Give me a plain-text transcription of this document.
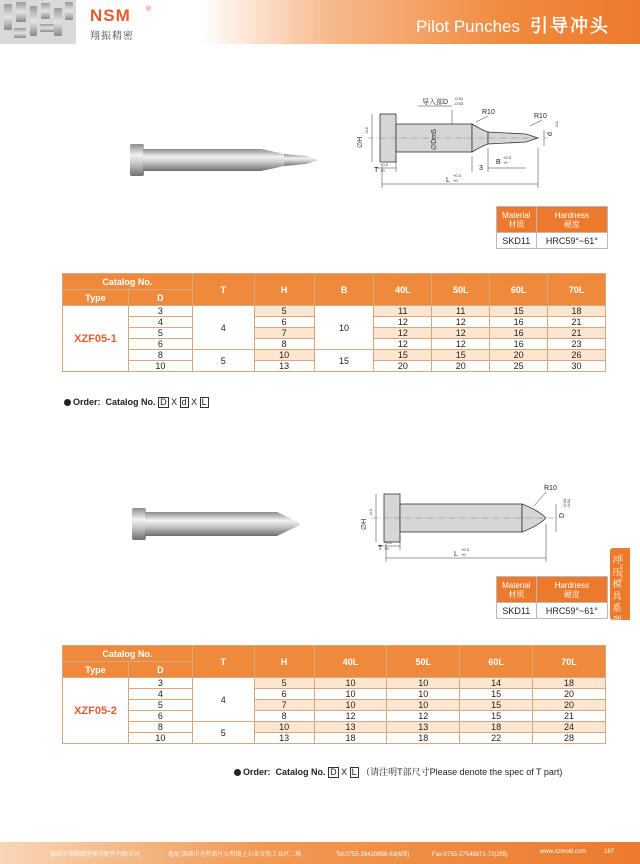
NSM ®
翔振精密
Pilot Punches 引导冲头
导入部D
-0.01
-0.03
R10
R10
∅H
-0.2	∅Dm5	d
-0.1
T
+0.2
+0	3
B
+0.3
+0
L
+0.3
+0
Material
材质	Hardness
硬度
SKD11	HRC59°~61°
Catalog No.		T	H	B	40L	50L	60L	70L
Type	D							
XZF05-1	3	4	5	10	11	11	15	18
	4		6		12	12	16	21
	5		7		12	12	16	21
	6		8		12	12	16	23
	8	5	10	15	15	15	20	26
	10		13		20	20	25	30
Order: Catalog No. D X d X L
R10
∅H
-0.2	D
-0.01
-0.03
T
+0.2
+0
L
+0.3
+0
Material
材质	Hardness
硬度
SKD11	HRC59°~61°
冲压模具系列
DIE SERIES
Catalog No.		T	H	40L	50L	60L	70L
Type	D						
XZF05-2	3	4	5	10	10	14	18
	4		6	10	10	15	20
	5		7	10	10	15	20
	6		8	12	12	15	21
	8	5	10	13	13	18	24
	10		13	18	18	22	28
Order: Catalog No. D X L （请注明T部尺寸Please denote the spec of T part)
深圳市翔振精密模具配件有限公司	地址:深圳市光明新区公明镇上石家安怡工业区二栋	Tel:0755-29420858-63(6线)	Fax:0755-27548871-72(2线)	www.xzmold.com	167
